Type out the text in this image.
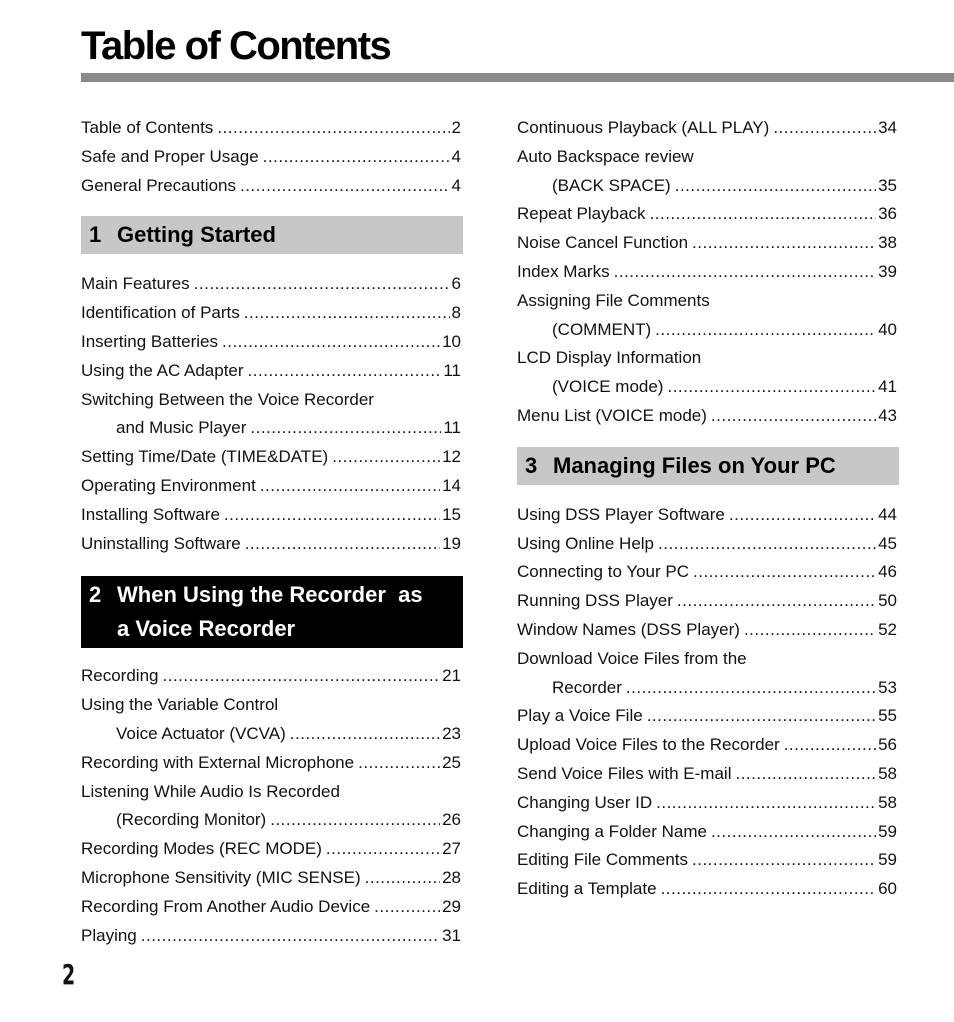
Table of Contents
Table of Contents .....	2
Safe and Proper Usage .....	4
General Precautions .....	4
1 Getting Started
Main Features .....	6
Identification of Parts .....	8
Inserting Batteries .....	10
Using the AC Adapter .....	11
Switching Between the Voice Recorder
and Music Player .....	11
Setting Time/Date (TIME&DATE) .....	12
Operating Environment .....	14
Installing Software .....	15
Uninstalling Software .....	19
2 When Using the Recorder  as
a Voice Recorder
Recording .....	21
Using the Variable Control
Voice Actuator (VCVA) .....	23
Recording with External Microphone .....	25
Listening While Audio Is Recorded
(Recording Monitor) .....	26
Recording Modes (REC MODE) .....	27
Microphone Sensitivity (MIC SENSE) .....	28
Recording From Another Audio Device .....	29
Playing .....	31
Continuous Playback (ALL PLAY) .....	34
Auto Backspace review
(BACK SPACE) .....	35
Repeat Playback .....	36
Noise Cancel Function .....	38
Index Marks .....	39
Assigning File Comments
(COMMENT) .....	40
LCD Display Information
(VOICE mode) .....	41
Menu List (VOICE mode) .....	43
3 Managing Files on Your PC
Using DSS Player Software .....	44
Using Online Help .....	45
Connecting to Your PC .....	46
Running DSS Player .....	50
Window Names (DSS Player) .....	52
Download Voice Files from the
Recorder .....	53
Play a Voice File .....	55
Upload Voice Files to the Recorder .....	56
Send Voice Files with E-mail .....	58
Changing User ID .....	58
Changing a Folder Name .....	59
Editing File Comments .....	59
Editing a Template .....	60
2
